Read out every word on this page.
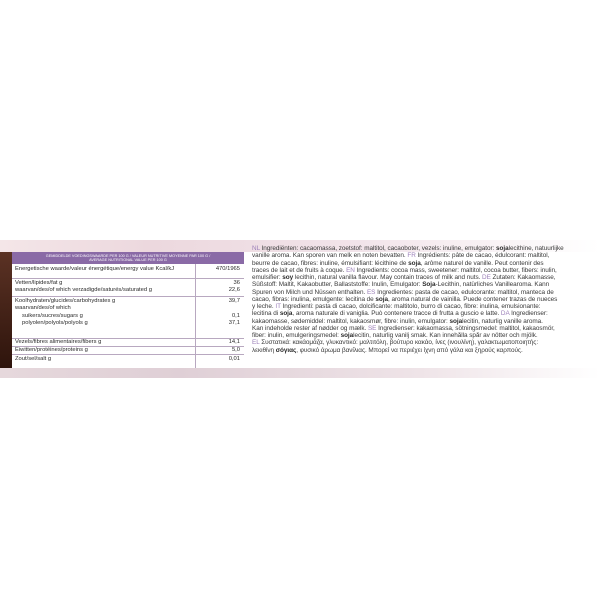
GEMIDDELDE VOEDINGSWAARDE PER 100 G / VALEUR NUTRITIVE MOYENNE PAR 100 G /
AVERAGE NUTRITIONAL VALUE PER 100 G
Energetische waarde/valeur énergétique/energy value Kcal/kJ	470/1965
Vetten/lipides/fat g	36
waarvan/des/of which verzadigde/saturés/saturated g	22,6
Koolhydraten/glucides/carbohydrates g	39,7
waarvan/des/of which
suikers/sucres/sugars g	0,1
polyolen/polyols/polyols g	37,1
Vezels/fibres alimentaires/fibers g	14,1
Eiwitten/protéines/proteins g	5,0
Zout/sel/salt g	0,01
NL Ingrediënten: cacaomassa, zoetstof: maltitol, cacaoboter, vezels: inuline, emulgator: sojalecithine, natuurlijke
vanille aroma. Kan sporen van melk en noten bevatten. FR Ingrédients: pâte de cacao, édulcorant: maltitol,
beurre de cacao, fibres: inuline, émulsifiant: lécithine de soja, arôme naturel de vanille. Peut contenir des
traces de lait et de fruits à coque. EN Ingredients: cocoa mass, sweetener: maltitol, cocoa butter, fibers: inulin,
emulsifier: soy lecithin, natural vanilla flavour. May contain traces of milk and nuts. DE Zutaten: Kakaomasse,
Süßstoff: Maltit, Kakaobutter, Ballaststoffe: Inulin, Emulgator: Soja-Lecithin, natürliches Vanillearoma. Kann
Spuren von Milch und Nüssen enthalten. ES Ingredientes: pasta de cacao, edulcorante: maltitol, manteca de
cacao, fibras: inulina, emulgente: lecitina de soja, aroma natural de vainilla. Puede contener trazas de nueces
y leche. IT Ingredienti: pasta di cacao, dolcificante: maltitolo, burro di cacao, fibre: inulina, emulsionante:
lecitina di soja, aroma naturale di vaniglia. Può contenere tracce di frutta a guscio e latte. DA Ingredienser:
kakaomasse, sødemiddel: maltitol, kakaosmør, fibre: inulin, emulgator: sojalecitin, naturlig vanille aroma.
Kan indeholde rester af nødder og mælk. SE Ingredienser: kakaomassa, sötningsmedel: maltitol, kakaosmör,
fiber: inulin, emulgeringsmedel: sojalecitin, naturlig vanilj smak. Kan innehålla spår av nötter och mjölk.
EL Συστατικά: κακάομάζα, γλυκαντικό: μαλτιτόλη, βούτυρο κακάο, ίνες (ινουλίνη), γαλακτωματοποιητής:
λεκιθίνη σόγιας, φυσικό άρωμα βανίλιας. Μπορεί να περιέχει ίχνη από γάλα και ξηρούς καρπούς.
